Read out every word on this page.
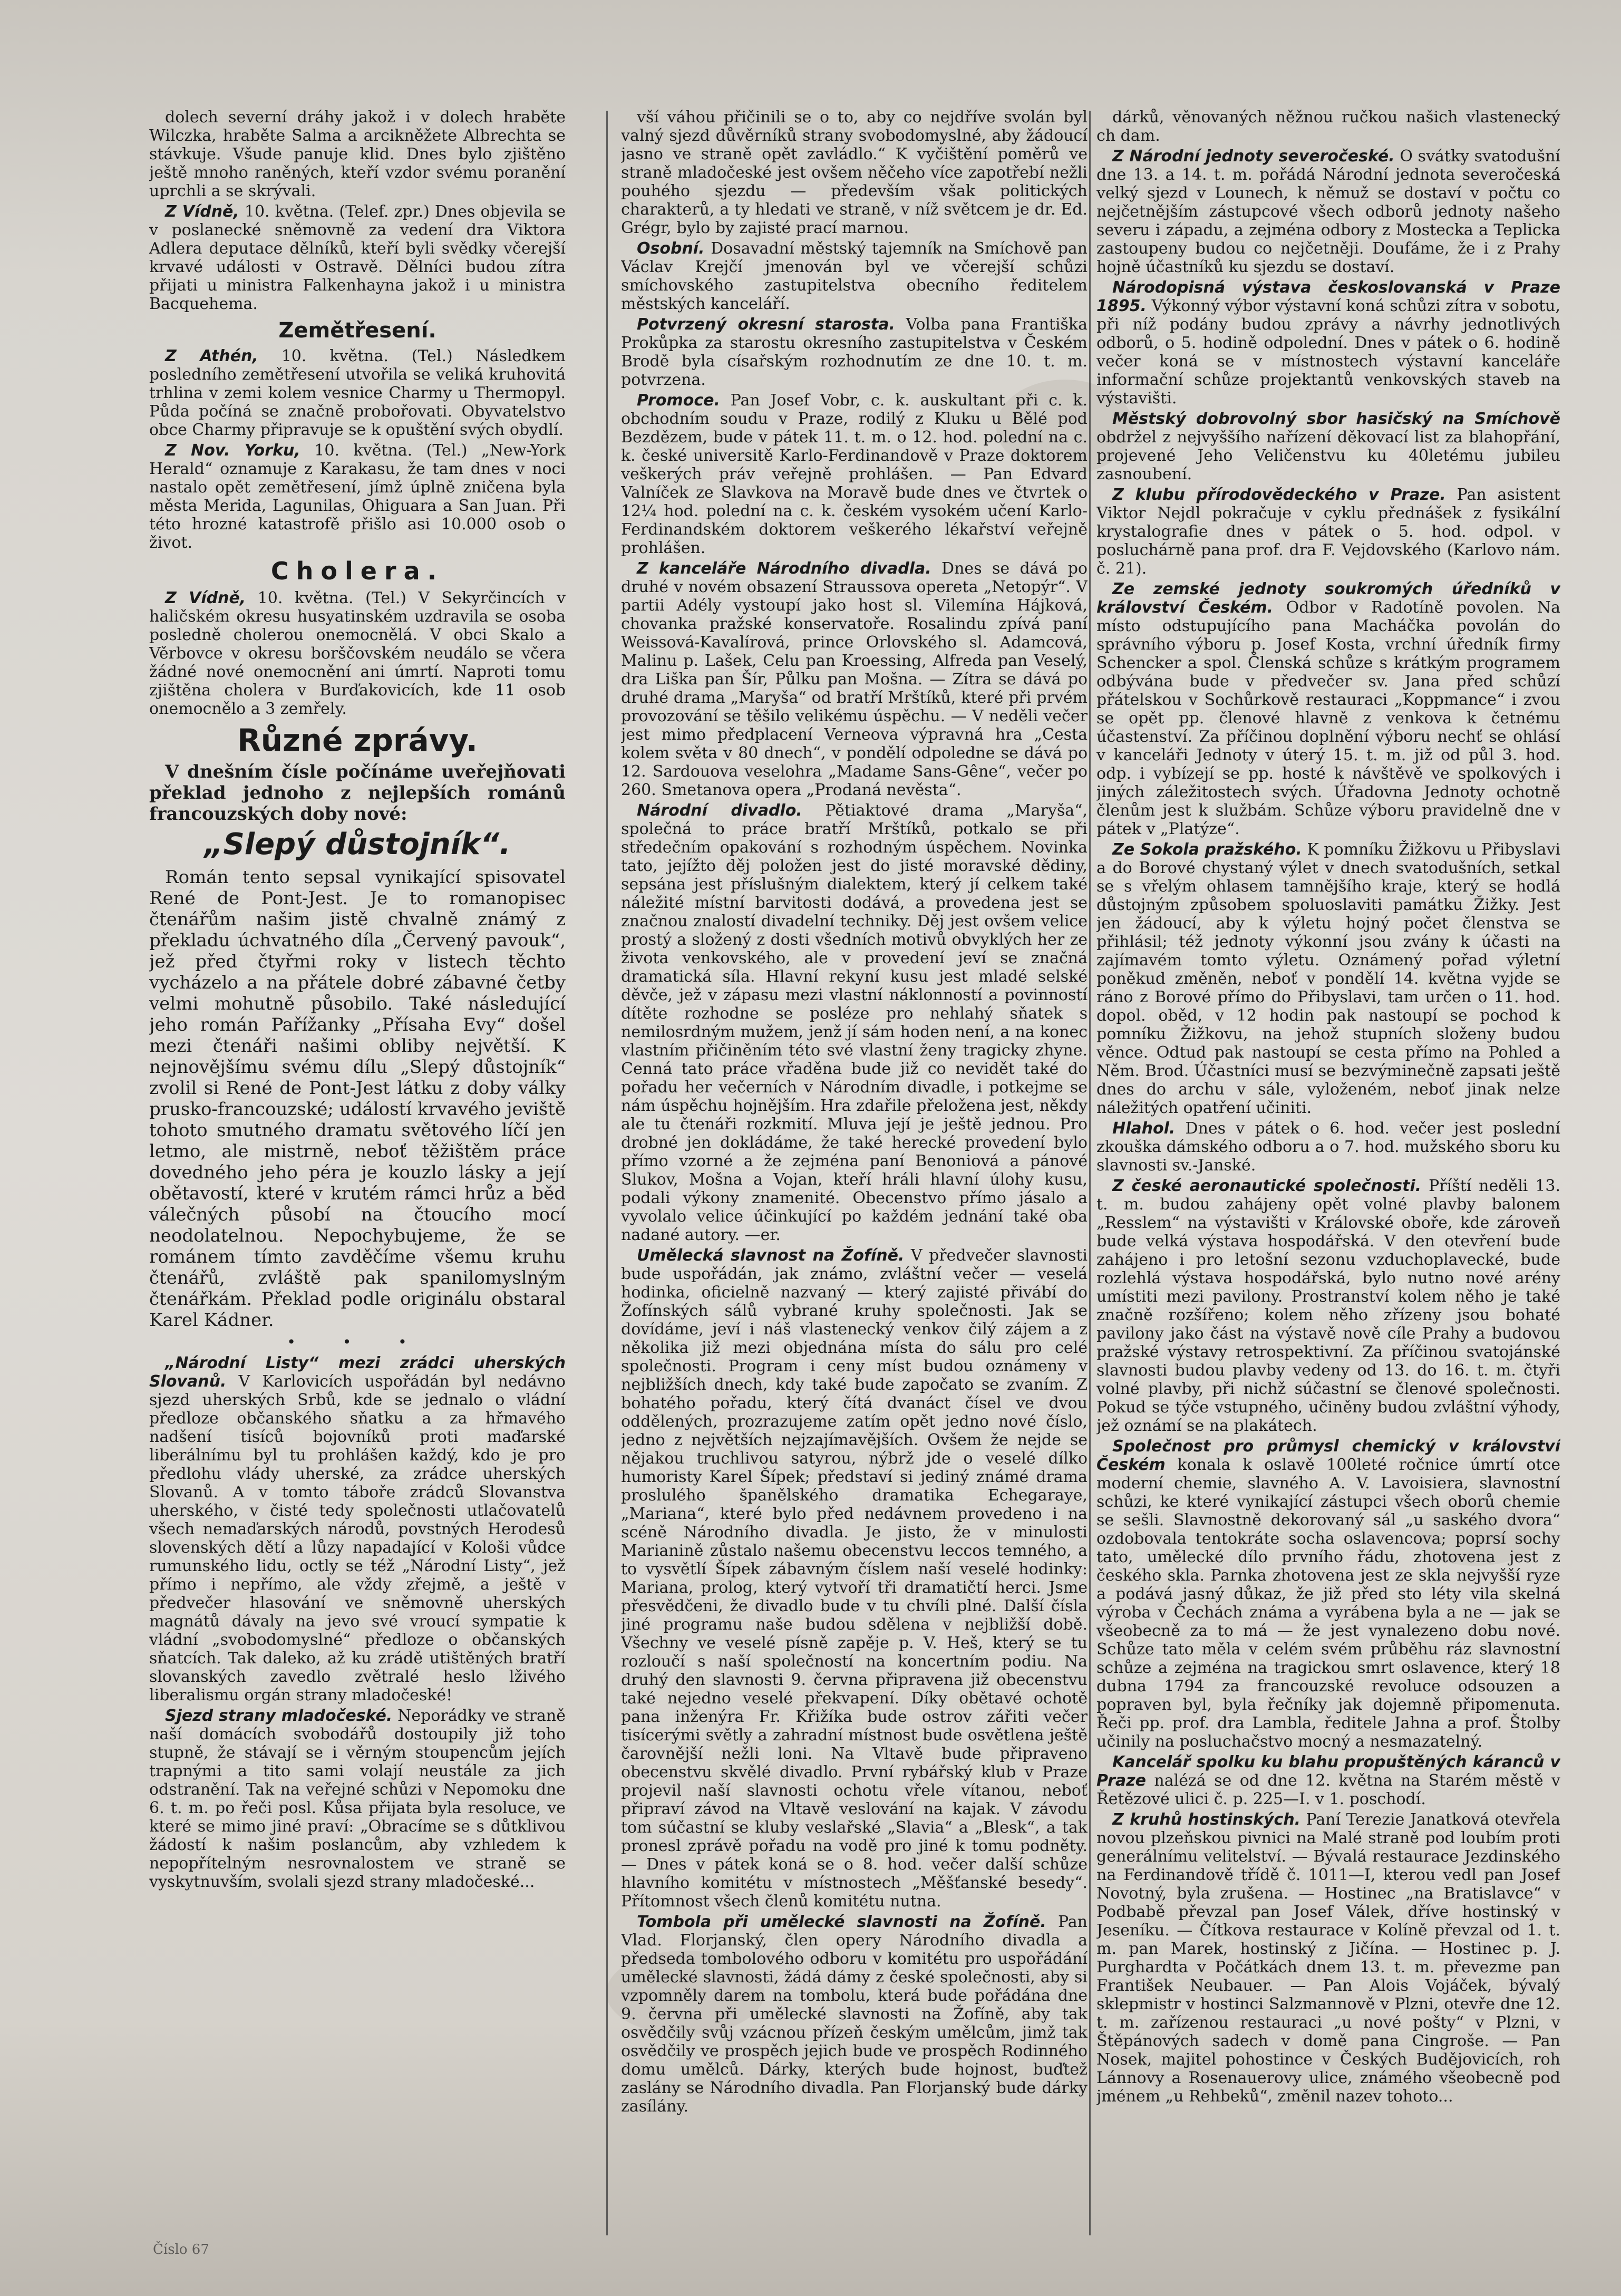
dolech severní dráhy jakož i v dolech hraběte Wilczka, hraběte Salma a arcikněžete Albrechta se stávkuje. Všude panuje klid. Dnes bylo zjištěno ještě mnoho raněných, kteří vzdor svému poranění uprchli a se skrývali.

Z Vídně, 10. května. (Telef. zpr.) Dnes objevila se v poslanecké sněmovně za vedení dra Viktora Adlera deputace dělníků, kteří byli svědky včerejší krvavé události v Ostravě. Dělníci budou zítra přijati u ministra Falkenhayna jakož i u ministra Bacquehema.

Zemětřesení.

Z Athén, 10. května. (Tel.) Následkem posledního zemětřesení utvořila se veliká kruhovitá trhlina v zemi kolem vesnice Charmy u Thermopyl. Půda počíná se značně probořovati. Obyvatelstvo obce Charmy připravuje se k opuštění svých obydlí.

Z Nov. Yorku, 10. května. (Tel.) „New-York Herald“ oznamuje z Karakasu, že tam dnes v noci nastalo opět zemětřesení, jímž úplně zničena byla města Merida, Lagunilas, Ohiguara a San Juan. Při této hrozné katastrofě přišlo asi 10.000 osob o život.

Cholera.

Z Vídně, 10. května. (Tel.) V Sekyrčincích v haličském okresu husyatinském uzdravila se osoba posledně cholerou onemocnělá. V obci Skalo a Věrbovce v okresu borščovském neudálo se včera žádné nové onemocnění ani úmrtí. Naproti tomu zjištěna cholera v Burďakovicích, kde 11 osob onemocnělo a 3 zemřely.

Různé zprávy.

V dnešním čísle počínáme uveřejňovati překlad jednoho z nejlepších románů francouzských doby nové:

„Slepý důstojník“.

Román tento sepsal vynikající spisovatel René de Pont-Jest. Je to romanopisec čtenářům našim jistě chvalně známý z překladu úchvatného díla „Červený pavouk“, jež před čtyřmi roky v listech těchto vycházelo a na přátele dobré zábavné četby velmi mohutně působilo. Také následující jeho román Pařížanky „Přísaha Evy“ došel mezi čtenáři našimi obliby největší. K nejnovějšímu svému dílu „Slepý důstojník“ zvolil si René de Pont-Jest látku z doby války prusko-francouzské; událostí krvavého jeviště tohoto smutného dramatu světového líčí jen letmo, ale mistrně, neboť těžištěm práce dovedného jeho péra je kouzlo lásky a její obětavostí, které v krutém rámci hrůz a běd válečných působí na čtoucího mocí neodolatelnou. Nepochybujeme, že se románem tímto zavděčíme všemu kruhu čtenářů, zvláště pak spanilomyslným čtenářkám. Překlad podle originálu obstaral Karel Kádner.

• • •

„Národní Listy“ mezi zrádci uherských Slovanů. V Karlovicích uspořádán byl nedávno sjezd uherských Srbů, kde se jednalo o vládní předloze občanského sňatku a za hřmavého nadšení tisíců bojovníků proti maďarské liberálnímu byl tu prohlášen každý, kdo je pro předlohu vlády uherské, za zrádce uherských Slovanů. A v tomto táboře zrádců Slovanstva uherského, v čisté tedy společnosti utlačovatelů všech nemaďarských národů, povstných Herodesů slovenských dětí a lůzy napadající v Kološi vůdce rumunského lidu, octly se též „Národní Listy“, jež přímo i nepřímo, ale vždy zřejmě, a ještě v předvečer hlasování ve sněmovně uherských magnátů dávaly na jevo své vroucí sympatie k vládní „svobodomyslné“ předloze o občanských sňatcích. Tak daleko, až ku zrádě utištěných bratří slovanských zavedlo zvětralé heslo lživého liberalismu orgán strany mladočeské!

Sjezd strany mladočeské. Neporádky ve straně naší domácích svobodářů dostoupily již toho stupně, že stávají se i věrným stoupencům jejích trapnými a tito sami volají neustále za jich odstranění. Tak na veřejné schůzi v Nepomoku dne 6. t. m. po řeči posl. Kůsa přijata byla resoluce, ve které se mimo jiné praví: „Obracíme se s důtklivou žádostí k našim poslancům, aby vzhledem k nepopřítelným nesrovnalostem ve straně se vyskytnuvším, svolali sjezd strany mladočeské...

vší váhou přičinili se o to, aby co nejdříve svolán byl valný sjezd důvěrníků strany svobodomyslné, aby žádoucí jasno ve straně opět zavládlo.“ K vyčištění poměrů ve straně mladočeské jest ovšem něčeho více zapotřebí nežli pouhého sjezdu — především však politických charakterů, a ty hledati ve straně, v níž světcem je dr. Ed. Grégr, bylo by zajisté prací marnou.

Osobní. Dosavadní městský tajemník na Smíchově pan Václav Krejčí jmenován byl ve včerejší schůzi smíchovského zastupitelstva obecního ředitelem městských kanceláří.

Potvrzený okresní starosta. Volba pana Františka Prokůpka za starostu okresního zastupitelstva v Českém Brodě byla císařským rozhodnutím ze dne 10. t. m. potvrzena.

Promoce. Pan Josef Vobr, c. k. auskultant při c. k. obchodním soudu v Praze, rodilý z Kluku u Bělé pod Bezdězem, bude v pátek 11. t. m. o 12. hod. polední na c. k. české universitě Karlo-Ferdinandově v Praze doktorem veškerých práv veřejně prohlášen. — Pan Edvard Valníček ze Slavkova na Moravě bude dnes ve čtvrtek o 12¼ hod. polední na c. k. českém vysokém učení Karlo-Ferdinandském doktorem veškerého lékařství veřejně prohlášen.

Z kanceláře Národního divadla. Dnes se dává po druhé v novém obsazení Straussova opereta „Netopýr“. V partii Adély vystoupí jako host sl. Vilemína Hájková, chovanka pražské konservatoře. Rosalindu zpívá paní Weissová-Kavalírová, prince Orlovského sl. Adamcová, Malinu p. Lašek, Celu pan Kroessing, Alfreda pan Veselý, dra Liška pan Šír, Půlku pan Mošna. — Zítra se dává po druhé drama „Maryša“ od bratří Mrštíků, které při prvém provozování se těšilo velikému úspěchu. — V neděli večer jest mimo předplacení Verneova výpravná hra „Cesta kolem světa v 80 dnech“, v pondělí odpoledne se dává po 12. Sardouova veselohra „Madame Sans-Gêne“, večer po 260. Smetanova opera „Prodaná nevěsta“.

Národní divadlo. Pětiaktové drama „Maryša“, společná to práce bratří Mrštíků, potkalo se při středečním opakování s rozhodným úspěchem. Novinka tato, jejížto děj položen jest do jisté moravské dědiny, sepsána jest příslušným dialektem, který jí celkem také náležité místní barvitosti dodává, a provedena jest se značnou znalostí divadelní techniky. Děj jest ovšem velice prostý a složený z dosti všedních motivů obvyklých her ze života venkovského, ale v provedení jeví se značná dramatická síla. Hlavní rekyní kusu jest mladé selské děvče, jež v zápasu mezi vlastní náklonností a povinností dítěte rozhodne se posléze pro nehlahý sňatek s nemilosrdným mužem, jenž jí sám hoden není, a na konec vlastním přičiněním této své vlastní ženy tragicky zhyne. Cenná tato práce vřaděna bude již co nevidět také do pořadu her večerních v Národním divadle, i potkejme se nám úspěchu hojnějším. Hra zdařile přeložena jest, někdy ale tu čtenáři rozkmití. Mluva její je ještě jednou. Pro drobné jen dokládáme, že také herecké provedení bylo přímo vzorné a že zejména paní Benoniová a pánové Slukov, Mošna a Vojan, kteří hráli hlavní úlohy kusu, podali výkony znamenité. Obecenstvo přímo jásalo a vyvolalo velice účinkující po každém jednání také oba nadané autory. —er.

Umělecká slavnost na Žofíně. V předvečer slavnosti bude uspořádán, jak známo, zvláštní večer — veselá hodinka, oficielně nazvaný — který zajisté přivábí do Žofínských sálů vybrané kruhy společnosti. Jak se dovídáme, jeví i náš vlastenecký venkov čilý zájem a z několika již mezi objednána místa do sálu pro celé společnosti. Program i ceny míst budou oznámeny v nejbližších dnech, kdy také bude započato se zvaním. Z bohatého pořadu, který čítá dvanáct čísel ve dvou oddělených, prozrazujeme zatím opět jedno nové číslo, jedno z největších nejzajímavějších. Ovšem že nejde se nějakou truchlivou satyrou, nýbrž jde o veselé dílko humoristy Karel Šípek; představí si jediný známé drama proslulého španělského dramatika Echegaraye, „Mariana“, které bylo před nedávnem provedeno i na scéně Národního divadla. Je jisto, že v minulosti Marianině zůstalo našemu obecenstvu leccos temného, a to vysvětlí Šípek zábavným číslem naší veselé hodinky: Mariana, prolog, který vytvoří tři dramatičtí herci. Jsme přesvědčeni, že divadlo bude v tu chvíli plné. Další čísla jiné programu naše budou sdělena v nejbližší době. Všechny ve veselé písně zapěje p. V. Heš, který se tu rozloučí s naší společností na koncertním podiu. Na druhý den slavnosti 9. června připravena již obecenstvu také nejedno veselé překvapení. Díky obětavé ochotě pana inženýra Fr. Křižíka bude ostrov zářiti večer tisícerými světly a zahradní místnost bude osvětlena ještě čarovnější nežli loni. Na Vltavě bude připraveno obecenstvu skvělé divadlo. První rybářský klub v Praze projevil naší slavnosti ochotu vřele vítanou, neboť připraví závod na Vltavě veslování na kajak. V závodu tom súčastní se kluby veslařské „Slavia“ a „Blesk“, a tak pronesl zprávě pořadu na vodě pro jiné k tomu podněty. — Dnes v pátek koná se o 8. hod. večer další schůze hlavního komitétu v místnostech „Měšťanské besedy“. Přítomnost všech členů komitétu nutna.

Tombola při umělecké slavnosti na Žofíně. Pan Vlad. Florjanský, člen opery Národního divadla a předseda tombolového odboru v komitétu pro uspořádání umělecké slavnosti, žádá dámy z české společnosti, aby si vzpomněly darem na tombolu, která bude pořádána dne 9. června při umělecké slavnosti na Žofíně, aby tak osvědčily svůj vzácnou přízeň českým umělcům, jimž tak osvědčily ve prospěch jejich bude ve prospěch Rodinného domu umělců. Dárky, kterých bude hojnost, buďtež zaslány se Národního divadla. Pan Florjanský bude dárky zasílány.

dárků, věnovaných něžnou ručkou našich vlastenecký ch dam.

Z Národní jednoty severočeské. O svátky svatodušní dne 13. a 14. t. m. pořádá Národní jednota severočeská velký sjezd v Lounech, k němuž se dostaví v počtu co nejčetnějším zástupcové všech odborů jednoty našeho severu i západu, a zejména odbory z Mostecka a Teplicka zastoupeny budou co nejčetněji. Doufáme, že i z Prahy hojně účastníků ku sjezdu se dostaví.

Národopisná výstava českoslovanská v Praze 1895. Výkonný výbor výstavní koná schůzi zítra v sobotu, při níž podány budou zprávy a návrhy jednotlivých odborů, o 5. hodině odpolední. Dnes v pátek o 6. hodině večer koná se v místnostech výstavní kanceláře informační schůze projektantů venkovských staveb na výstavišti.

Městský dobrovolný sbor hasičský na Smíchově obdržel z nejvyššího nařízení děkovací list za blahopřání, projevené Jeho Veličenstvu ku 40letému jubileu zasnoubení.

Z klubu přírodovědeckého v Praze. Pan asistent Viktor Nejdl pokračuje v cyklu přednášek z fysikální krystalografie dnes v pátek o 5. hod. odpol. v posluchárně pana prof. dra F. Vejdovského (Karlovo nám. č. 21).

Ze zemské jednoty soukromých úředníků v království Českém. Odbor v Radotíně povolen. Na místo odstupujícího pana Macháčka povolán do správního výboru p. Josef Kosta, vrchní úředník firmy Schencker a spol. Členská schůze s krátkým programem odbývána bude v předvečer sv. Jana před schůzí přátelskou v Sochůrkově restauraci „Koppmance“ i zvou se opět pp. členové hlavně z venkova k četnému účastenství. Za příčinou doplnění výboru nechť se ohlásí v kanceláři Jednoty v úterý 15. t. m. již od půl 3. hod. odp. i vybízejí se pp. hosté k návštěvě ve spolkových i jiných záležitostech svých. Úřadovna Jednoty ochotně členům jest k službám. Schůze výboru pravidelně dne v pátek v „Platýze“.

Ze Sokola pražského. K pomníku Žižkovu u Přibyslavi a do Borové chystaný výlet v dnech svatodušních, setkal se s vřelým ohlasem tamnějšího kraje, který se hodlá důstojným způsobem spoluoslaviti památku Žižky. Jest jen žádoucí, aby k výletu hojný počet členstva se přihlásil; též jednoty výkonní jsou zvány k účasti na zajímavém tomto výletu. Oznámený pořad výletní poněkud změněn, neboť v pondělí 14. května vyjde se ráno z Borové přímo do Přibyslavi, tam určen o 11. hod. dopol. oběd, v 12 hodin pak nastoupí se pochod k pomníku Žižkovu, na jehož stupních složeny budou věnce. Odtud pak nastoupí se cesta přímo na Pohled a Něm. Brod. Účastníci musí se bezvýminečně zapsati ještě dnes do archu v sále, vyloženém, neboť jinak nelze náležitých opatření učiniti.

Hlahol. Dnes v pátek o 6. hod. večer jest poslední zkouška dámského odboru a o 7. hod. mužského sboru ku slavnosti sv.-Janské.

Z české aeronautické společnosti. Příští neděli 13. t. m. budou zahájeny opět volné plavby balonem „Resslem“ na výstavišti v Královské oboře, kde zároveň bude velká výstava hospodářská. V den otevření bude zahájeno i pro letošní sezonu vzduchoplavecké, bude rozlehlá výstava hospodářská, bylo nutno nové arény umístiti mezi pavilony. Prostranství kolem něho je také značně rozšířeno; kolem něho zřízeny jsou bohaté pavilony jako část na výstavě nově cíle Prahy a budovou pražské výstavy retrospektivní. Za příčinou svatojánské slavnosti budou plavby vedeny od 13. do 16. t. m. čtyři volné plavby, při nichž súčastní se členové společnosti. Pokud se týče vstupného, učiněny budou zvláštní výhody, jež oznámí se na plakátech.

Společnost pro průmysl chemický v království Českém konala k oslavě 100leté ročnice úmrtí otce moderní chemie, slavného A. V. Lavoisiera, slavnostní schůzi, ke které vynikající zástupci všech oborů chemie se sešli. Slavnostně dekorovaný sál „u saského dvora“ ozdobovala tentokráte socha oslavencova; poprsí sochy tato, umělecké dílo prvního řádu, zhotovena jest z českého skla. Parnka zhotovena jest ze skla nejvyšší ryze a podává jasný důkaz, že již před sto léty vila skelná výroba v Čechách známa a vyrábena byla a ne — jak se všeobecně za to má — že jest vynalezeno dobu nové. Schůze tato měla v celém svém průběhu ráz slavnostní schůze a zejména na tragickou smrt oslavence, který 18 dubna 1794 za francouzské revoluce odsouzen a popraven byl, byla řečníky jak dojemně připomenuta. Řeči pp. prof. dra Lambla, ředitele Jahna a prof. Štolby učinily na posluchačstvo mocný a nesmazatelný.

Kancelář spolku ku blahu propuštěných káranců v Praze nalézá se od dne 12. května na Starém městě v Řetězové ulici č. p. 225—I. v 1. poschodí.

Z kruhů hostinských. Paní Terezie Janatková otevřela novou plzeňskou pivnici na Malé straně pod loubím proti generálnímu velitelství. — Bývalá restaurace Jezdinského na Ferdinandově třídě č. 1011—I, kterou vedl pan Josef Novotný, byla zrušena. — Hostinec „na Bratislavce“ v Podbabě převzal pan Josef Válek, dříve hostinský v Jeseníku. — Čítkova restaurace v Kolíně převzal od 1. t. m. pan Marek, hostinský z Jičína. — Hostinec p. J. Purghardta v Počátkách dnem 13. t. m. převezme pan František Neubauer. — Pan Alois Vojáček, bývalý sklepmistr v hostinci Salzmannově v Plzni, otevře dne 12. t. m. zařízenou restauraci „u nové pošty“ v Plzni, v Štěpánových sadech v domě pana Cingroše. — Pan Nosek, majitel pohostince v Českých Budějovicích, roh Lánnovy a Rosenauerovy ulice, známého všeobecně pod jménem „u Rehbeků“, změnil nazev tohoto...

Číslo 67
